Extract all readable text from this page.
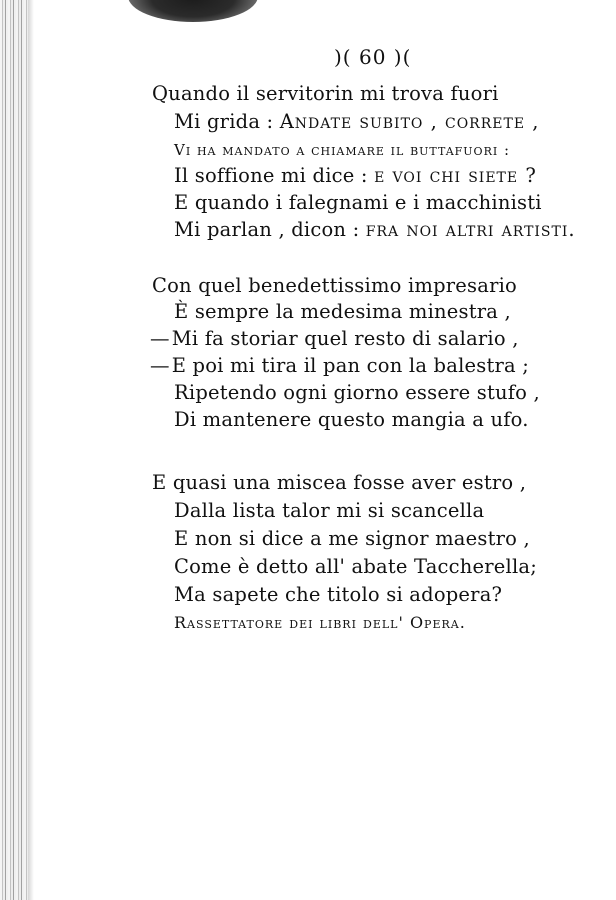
)( 60 )(
Quando il servitorin mi trova fuori
Mi grida : Andate subito , correte ,
Vi ha mandato a chiamare il buttafuori :
Il soffione mi dice : e voi chi siete ?
E quando i falegnami e i macchinisti
Mi parlan , dicon : fra noi altri artisti.
Con quel benedettissimo impresario
È sempre la medesima minestra ,
— Mi fa storiar quel resto di salario ,
— E poi mi tira il pan con la balestra ;
Ripetendo ogni giorno essere stufo ,
Di mantenere questo mangia a ufo.
E quasi una miscea fosse aver estro ,
Dalla lista talor mi si scancella
E non si dice a me signor maestro ,
Come è detto all' abate Taccherella;
Ma sapete che titolo si adopera?
Rassettatore dei libri dell' Opera.
